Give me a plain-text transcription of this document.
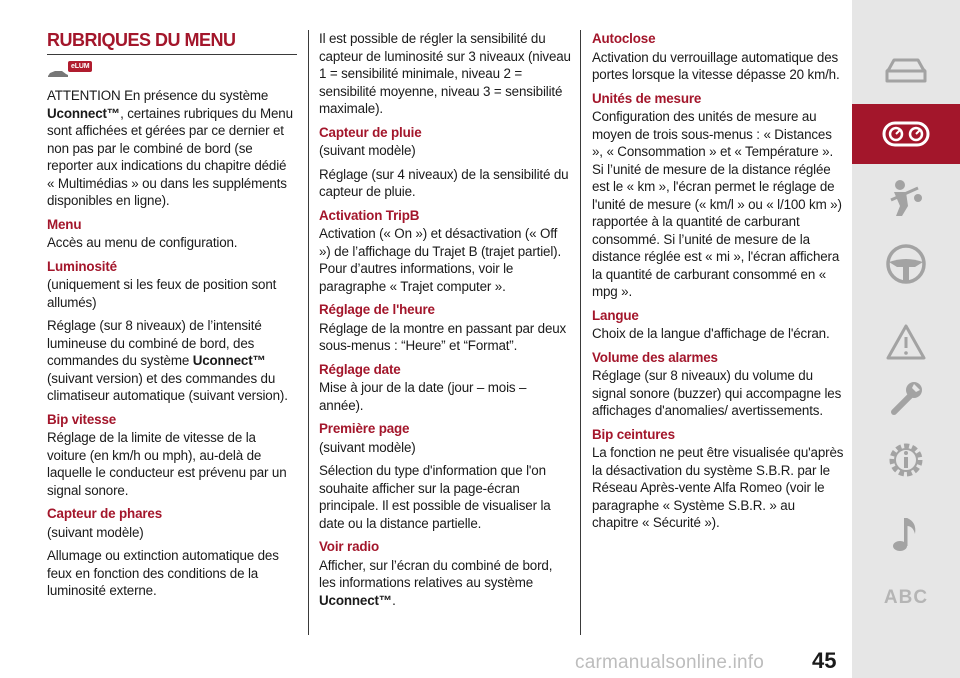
RUBRIQUES DU MENU
eLUM

ATTENTION En présence du système Uconnect™, certaines rubriques du Menu sont affichées et gérées par ce dernier et non pas par le combiné de bord (se reporter aux indications du chapitre dédié « Multimédias » ou dans les suppléments disponibles en ligne).

Menu

Accès au menu de configuration.

Luminosité

(uniquement si les feux de position sont allumés)

Réglage (sur 8 niveaux) de l’intensité lumineuse du combiné de bord, des commandes du système Uconnect™ (suivant version) et des commandes du climatiseur automatique (suivant version).

Bip vitesse

Réglage de la limite de vitesse de la voiture (en km/h ou mph), au-delà de laquelle le conducteur est prévenu par un signal sonore.

Capteur de phares

(suivant modèle)

Allumage ou extinction automatique des feux en fonction des conditions de la luminosité externe.

Il est possible de régler la sensibilité du capteur de luminosité sur 3 niveaux (niveau 1 = sensibilité minimale, niveau 2 = sensibilité moyenne, niveau 3 = sensibilité maximale).

Capteur de pluie

(suivant modèle)

Réglage (sur 4 niveaux) de la sensibilité du capteur de pluie.

Activation TripB

Activation (« On ») et désactivation (« Off ») de l’affichage du Trajet B (trajet partiel). Pour d’autres informations, voir le paragraphe « Trajet computer ».

Réglage de l'heure

Réglage de la montre en passant par deux sous-menus : “Heure” et “Format”.

Réglage date

Mise à jour de la date (jour – mois – année).

Première page

(suivant modèle)

Sélection du type d'information que l'on souhaite afficher sur la page-écran principale. Il est possible de visualiser la date ou la distance partielle.

Voir radio

Afficher, sur l’écran du combiné de bord, les informations relatives au système Uconnect™.

Autoclose

Activation du verrouillage automatique des portes lorsque la vitesse dépasse 20 km/h.

Unités de mesure

Configuration des unités de mesure au moyen de trois sous-menus : « Distances », « Consommation » et « Température ». Si l’unité de mesure de la distance réglée est le « km », l'écran permet le réglage de l'unité de mesure (« km/l » ou « l/100 km ») rapportée à la quantité de carburant consommé. Si l’unité de mesure de la distance réglée est « mi », l'écran affichera la quantité de carburant consommé en « mpg ».

Langue

Choix de la langue d'affichage de l'écran.

Volume des alarmes

Réglage (sur 8 niveaux) du volume du signal sonore (buzzer) qui accompagne les affichages d'anomalies/ avertissements.

Bip ceintures

La fonction ne peut être visualisée qu'après la désactivation du système S.B.R. par le Réseau Après-vente Alfa Romeo (voir le paragraphe « Système S.B.R. » au chapitre « Sécurité »).

ABC
carmanualsonline.info 45
